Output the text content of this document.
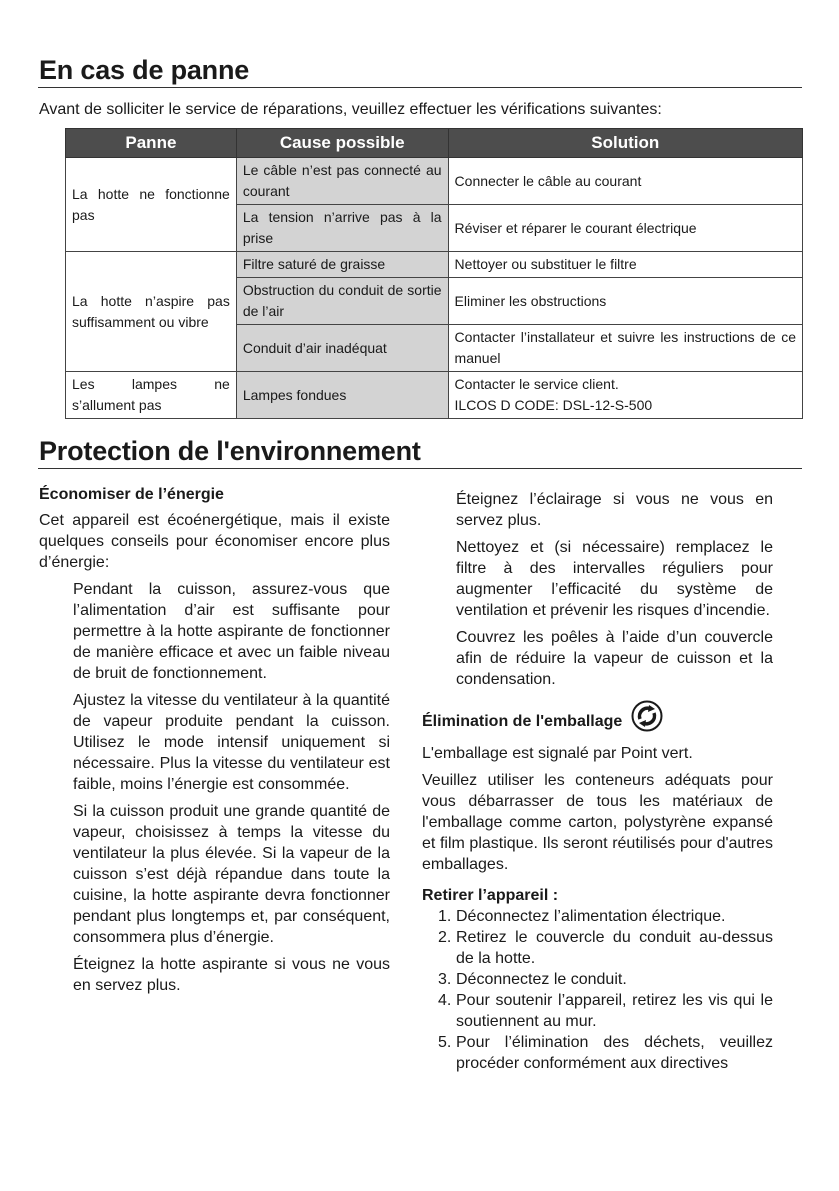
En cas de panne
Avant de solliciter le service de réparations, veuillez effectuer les vérifications suivantes:
Panne	Cause possible	Solution
La hotte ne fonctionne pas	Le câble n’est pas connecté au courant	Connecter le câble au courant
	La tension n’arrive pas à la prise	Réviser et réparer le courant électrique
La hotte n’aspire pas suffisamment ou vibre	Filtre saturé de graisse	Nettoyer ou substituer le filtre
	Obstruction du conduit de sortie de l’air	Eliminer les obstructions
	Conduit d’air inadéquat	Contacter l’installateur et suivre les instructions de ce manuel
Les lampes ne s’allument pas	Lampes fondues	Contacter le service client.
ILCOS D CODE: DSL-12-S-500
Protection de l'environnement
Économiser de l’énergie

Cet appareil est écoénergétique, mais il existe quelques conseils pour économiser encore plus d’énergie:

Pendant la cuisson, assurez-vous que l’alimentation d’air est suffisante pour permettre à la hotte aspirante de fonctionner de manière efficace et avec un faible niveau de bruit de fonctionnement.

Ajustez la vitesse du ventilateur à la quantité de vapeur produite pendant la cuisson. Utilisez le mode intensif uniquement si nécessaire. Plus la vitesse du ventilateur est faible, moins l’énergie est consommée.

Si la cuisson produit une grande quantité de vapeur, choisissez à temps la vitesse du ventilateur la plus élevée. Si la vapeur de la cuisson s’est déjà répandue dans toute la cuisine, la hotte aspirante devra fonctionner pendant plus longtemps et, par conséquent, consommera plus d’énergie.

Éteignez la hotte aspirante si vous ne vous en servez plus.

Éteignez l’éclairage si vous ne vous en servez plus.

Nettoyez et (si nécessaire) remplacez le filtre à des intervalles réguliers pour augmenter l’efficacité du système de ventilation et prévenir les risques d’incendie.

Couvrez les poêles à l’aide d’un couvercle afin de réduire la vapeur de cuisson et la condensation.

Élimination de l'emballage

L'emballage est signalé par Point vert.

Veuillez utiliser les conteneurs adéquats pour vous débarrasser de tous les matériaux de l'emballage comme carton, polystyrène expansé et film plastique. Ils seront réutilisés pour d'autres emballages.

Retirer l’appareil :
1. Déconnectez l’alimentation électrique.
2. Retirez le couvercle du conduit au-dessus de la hotte.
3. Déconnectez le conduit.
4. Pour soutenir l’appareil, retirez les vis qui le soutiennent au mur.
5. Pour l’élimination des déchets, veuillez procéder conformément aux directives
